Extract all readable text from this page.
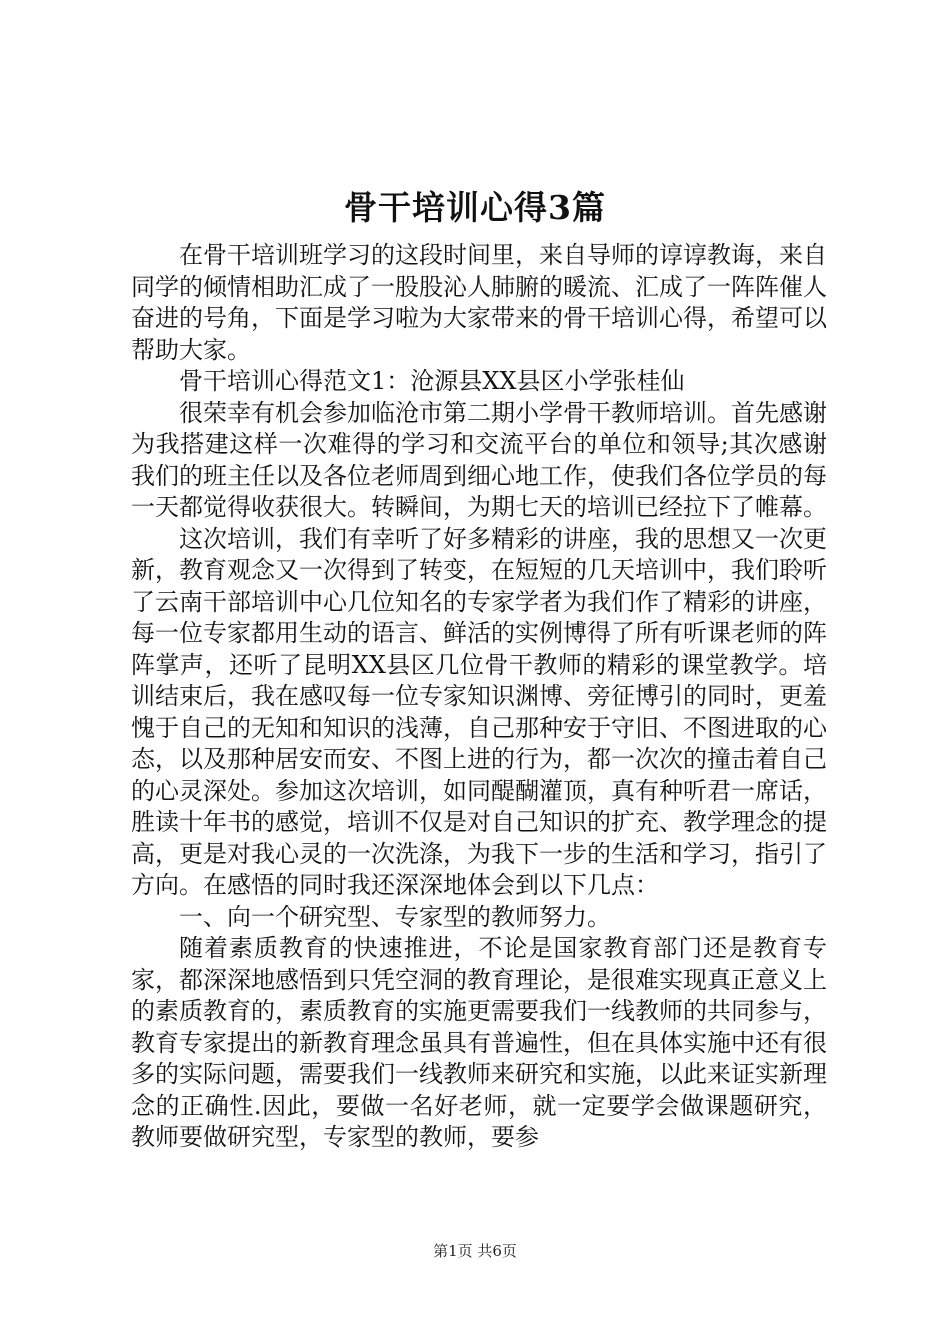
骨干培训心得3篇

在骨干培训班学习的这段时间里，来自导师的谆谆教诲，来自同学的倾情相助汇成了一股股沁人肺腑的暖流、汇成了一阵阵催人奋进的号角，下面是学习啦为大家带来的骨干培训心得，希望可以帮助大家。

骨干培训心得范文1：沧源县XX县区小学张桂仙

很荣幸有机会参加临沧市第二期小学骨干教师培训。首先感谢为我搭建这样一次难得的学习和交流平台的单位和领导;其次感谢我们的班主任以及各位老师周到细心地工作，使我们各位学员的每一天都觉得收获很大。转瞬间，为期七天的培训已经拉下了帷幕。

这次培训，我们有幸听了好多精彩的讲座，我的思想又一次更新，教育观念又一次得到了转变，在短短的几天培训中，我们聆听了云南干部培训中心几位知名的专家学者为我们作了精彩的讲座，每一位专家都用生动的语言、鲜活的实例博得了所有听课老师的阵阵掌声，还听了昆明XX县区几位骨干教师的精彩的课堂教学。培训结束后，我在感叹每一位专家知识渊博、旁征博引的同时，更羞愧于自己的无知和知识的浅薄，自己那种安于守旧、不图进取的心态，以及那种居安而安、不图上进的行为，都一次次的撞击着自己的心灵深处。参加这次培训，如同醍醐灌顶，真有种听君一席话，胜读十年书的感觉，培训不仅是对自己知识的扩充、教学理念的提高，更是对我心灵的一次洗涤，为我下一步的生活和学习，指引了方向。在感悟的同时我还深深地体会到以下几点：

一、向一个研究型、专家型的教师努力。

随着素质教育的快速推进，不论是国家教育部门还是教育专家，都深深地感悟到只凭空洞的教育理论，是很难实现真正意义上的素质教育的，素质教育的实施更需要我们一线教师的共同参与，教育专家提出的新教育理念虽具有普遍性，但在具体实施中还有很多的实际问题，需要我们一线教师来研究和实施，以此来证实新理念的正确性.因此，要做一名好老师，就一定要学会做课题研究，教师要做研究型，专家型的教师，要参

第1页 共6页
